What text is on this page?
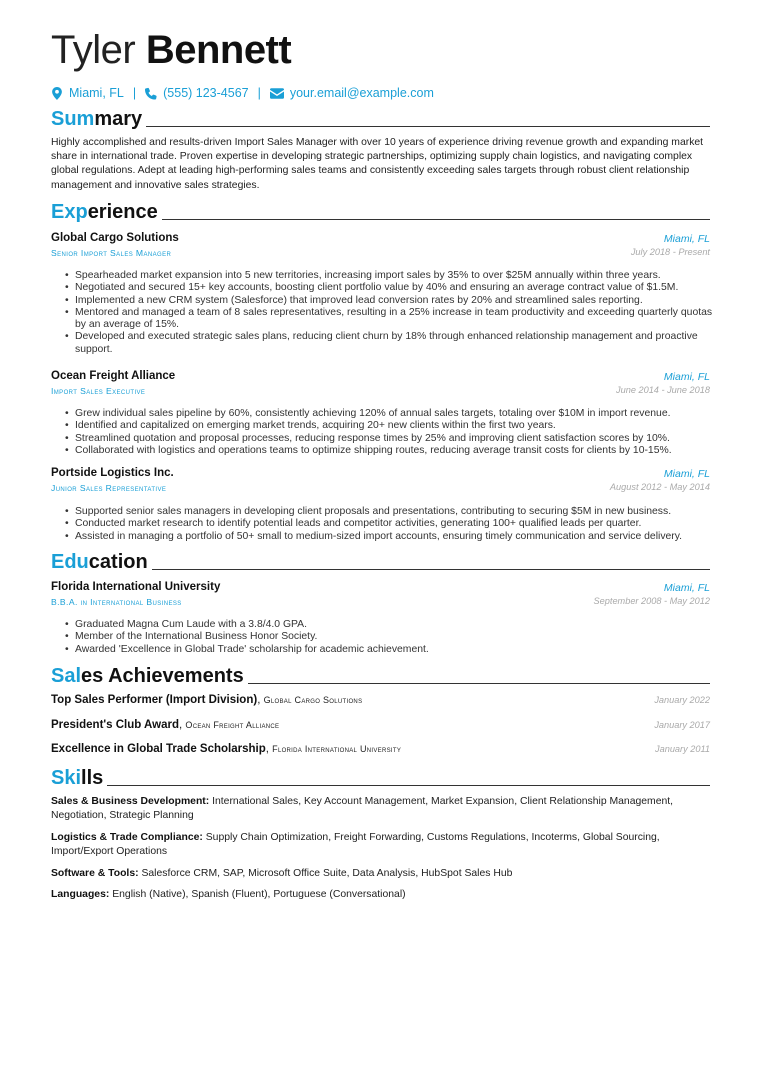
Tyler Bennett
Miami, FL | (555) 123-4567 | your.email@example.com
Summary
Highly accomplished and results-driven Import Sales Manager with over 10 years of experience driving revenue growth and expanding market share in international trade. Proven expertise in developing strategic partnerships, optimizing supply chain logistics, and navigating complex global regulations. Adept at leading high-performing sales teams and consistently exceeding sales targets through robust client relationship management and innovative sales strategies.
Experience
Global Cargo Solutions	Miami, FL
Senior Import Sales Manager	July 2018 - Present
• Spearheaded market expansion into 5 new territories, increasing import sales by 35% to over $25M annually within three years.
• Negotiated and secured 15+ key accounts, boosting client portfolio value by 40% and ensuring an average contract value of $1.5M.
• Implemented a new CRM system (Salesforce) that improved lead conversion rates by 20% and streamlined sales reporting.
• Mentored and managed a team of 8 sales representatives, resulting in a 25% increase in team productivity and exceeding quarterly quotas by an average of 15%.
• Developed and executed strategic sales plans, reducing client churn by 18% through enhanced relationship management and proactive support.
Ocean Freight Alliance	Miami, FL
Import Sales Executive	June 2014 - June 2018
• Grew individual sales pipeline by 60%, consistently achieving 120% of annual sales targets, totaling over $10M in import revenue.
• Identified and capitalized on emerging market trends, acquiring 20+ new clients within the first two years.
• Streamlined quotation and proposal processes, reducing response times by 25% and improving client satisfaction scores by 10%.
• Collaborated with logistics and operations teams to optimize shipping routes, reducing average transit costs for clients by 10-15%.
Portside Logistics Inc.	Miami, FL
Junior Sales Representative	August 2012 - May 2014
• Supported senior sales managers in developing client proposals and presentations, contributing to securing $5M in new business.
• Conducted market research to identify potential leads and competitor activities, generating 100+ qualified leads per quarter.
• Assisted in managing a portfolio of 50+ small to medium-sized import accounts, ensuring timely communication and service delivery.
Education
Florida International University	Miami, FL
B.B.A. in International Business	September 2008 - May 2012
• Graduated Magna Cum Laude with a 3.8/4.0 GPA.
• Member of the International Business Honor Society.
• Awarded 'Excellence in Global Trade' scholarship for academic achievement.
Sales Achievements
Top Sales Performer (Import Division), Global Cargo Solutions	January 2022
President's Club Award, Ocean Freight Alliance	January 2017
Excellence in Global Trade Scholarship, Florida International University	January 2011
Skills
Sales & Business Development: International Sales, Key Account Management, Market Expansion, Client Relationship Management, Negotiation, Strategic Planning
Logistics & Trade Compliance: Supply Chain Optimization, Freight Forwarding, Customs Regulations, Incoterms, Global Sourcing, Import/Export Operations
Software & Tools: Salesforce CRM, SAP, Microsoft Office Suite, Data Analysis, HubSpot Sales Hub
Languages: English (Native), Spanish (Fluent), Portuguese (Conversational)
